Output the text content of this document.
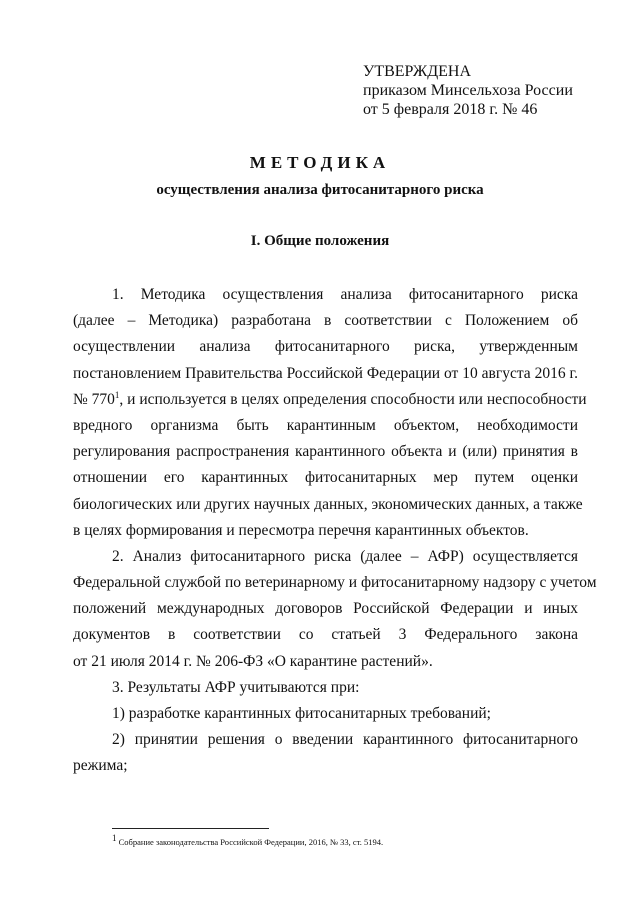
УТВЕРЖДЕНА
приказом Минсельхоза России
от 5 февраля 2018 г. № 46
МЕТОДИКА
осуществления анализа фитосанитарного риска
I. Общие положения
1. Методика осуществления анализа фитосанитарного риска
(далее – Методика) разработана в соответствии с Положением об
осуществлении анализа фитосанитарного риска, утвержденным
постановлением Правительства Российской Федерации от 10 августа 2016 г.
№ $770^1$, и используется в целях определения способности или неспособности
вредного организма быть карантинным объектом, необходимости
регулирования распространения карантинного объекта и (или) принятия в
отношении его карантинных фитосанитарных мер путем оценки
биологических или других научных данных, экономических данных, а также
в целях формирования и пересмотра перечня карантинных объектов.
2. Анализ фитосанитарного риска (далее – АФР) осуществляется
Федеральной службой по ветеринарному и фитосанитарному надзору с учетом
положений международных договоров Российской Федерации и иных
документов в соответствии со статьей 3 Федерального закона
от 21 июля 2014 г. № 206-ФЗ «О карантине растений».
3. Результаты АФР учитываются при:
1) разработке карантинных фитосанитарных требований;
2) принятии решения о введении карантинного фитосанитарного
режима;
$^1$ Собрание законодательства Российской Федерации, 2016, № 33, ст. 5194.
